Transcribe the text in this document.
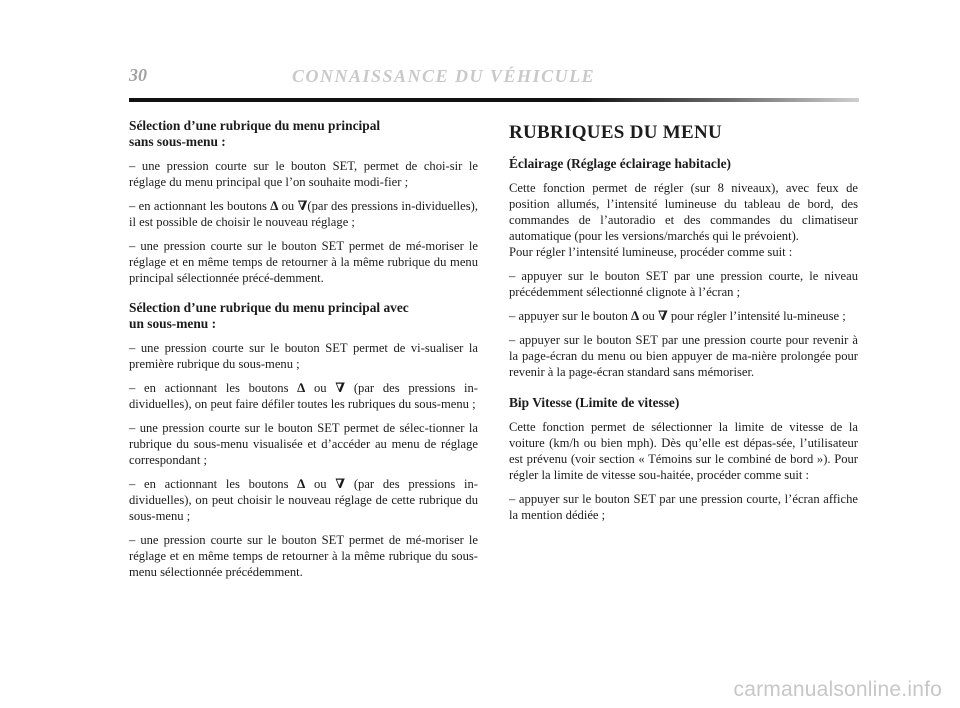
30	CONNAISSANCE DU VÉHICULE
Sélection d’une rubrique du menu principal
sans sous-menu :

– une pression courte sur le bouton SET, permet de choi-sir le réglage du menu principal que l’on souhaite modi-fier ;

– en actionnant les boutons ∆ ou ∇(par des pressions in-dividuelles), il est possible de choisir le nouveau réglage ;

– une pression courte sur le bouton SET permet de mé-moriser le réglage et en même temps de retourner à la même rubrique du menu principal sélectionnée précé-demment.

Sélection d’une rubrique du menu principal avec
un sous-menu :

– une pression courte sur le bouton SET permet de vi-sualiser la première rubrique du sous-menu ;

– en actionnant les boutons ∆ ou ∇ (par des pressions in-dividuelles), on peut faire défiler toutes les rubriques du sous-menu ;

– une pression courte sur le bouton SET permet de sélec-tionner la rubrique du sous-menu visualisée et d’accéder au menu de réglage correspondant ;

– en actionnant les boutons ∆ ou ∇ (par des pressions in-dividuelles), on peut choisir le nouveau réglage de cette rubrique du sous-menu ;

– une pression courte sur le bouton SET permet de mé-moriser le réglage et en même temps de retourner à la même rubrique du sous-menu sélectionnée précédemment.

RUBRIQUES DU MENU
Éclairage (Réglage éclairage habitacle)

Cette fonction permet de régler (sur 8 niveaux), avec feux de position allumés, l’intensité lumineuse du tableau de bord, des commandes de l’autoradio et des commandes du climatiseur automatique (pour les versions/marchés qui le prévoient).
Pour régler l’intensité lumineuse, procéder comme suit :

– appuyer sur le bouton SET par une pression courte, le niveau précédemment sélectionné clignote à l’écran ;

– appuyer sur le bouton ∆ ou ∇ pour régler l’intensité lu-mineuse ;

– appuyer sur le bouton SET par une pression courte pour revenir à la page-écran du menu ou bien appuyer de ma-nière prolongée pour revenir à la page-écran standard sans mémoriser.

Bip Vitesse (Limite de vitesse)

Cette fonction permet de sélectionner la limite de vitesse de la voiture (km/h ou bien mph). Dès qu’elle est dépas-sée, l’utilisateur est prévenu (voir section « Témoins sur le combiné de bord »). Pour régler la limite de vitesse sou-haitée, procéder comme suit :

– appuyer sur le bouton SET par une pression courte, l’écran affiche la mention dédiée ;

carmanualsonline.info
